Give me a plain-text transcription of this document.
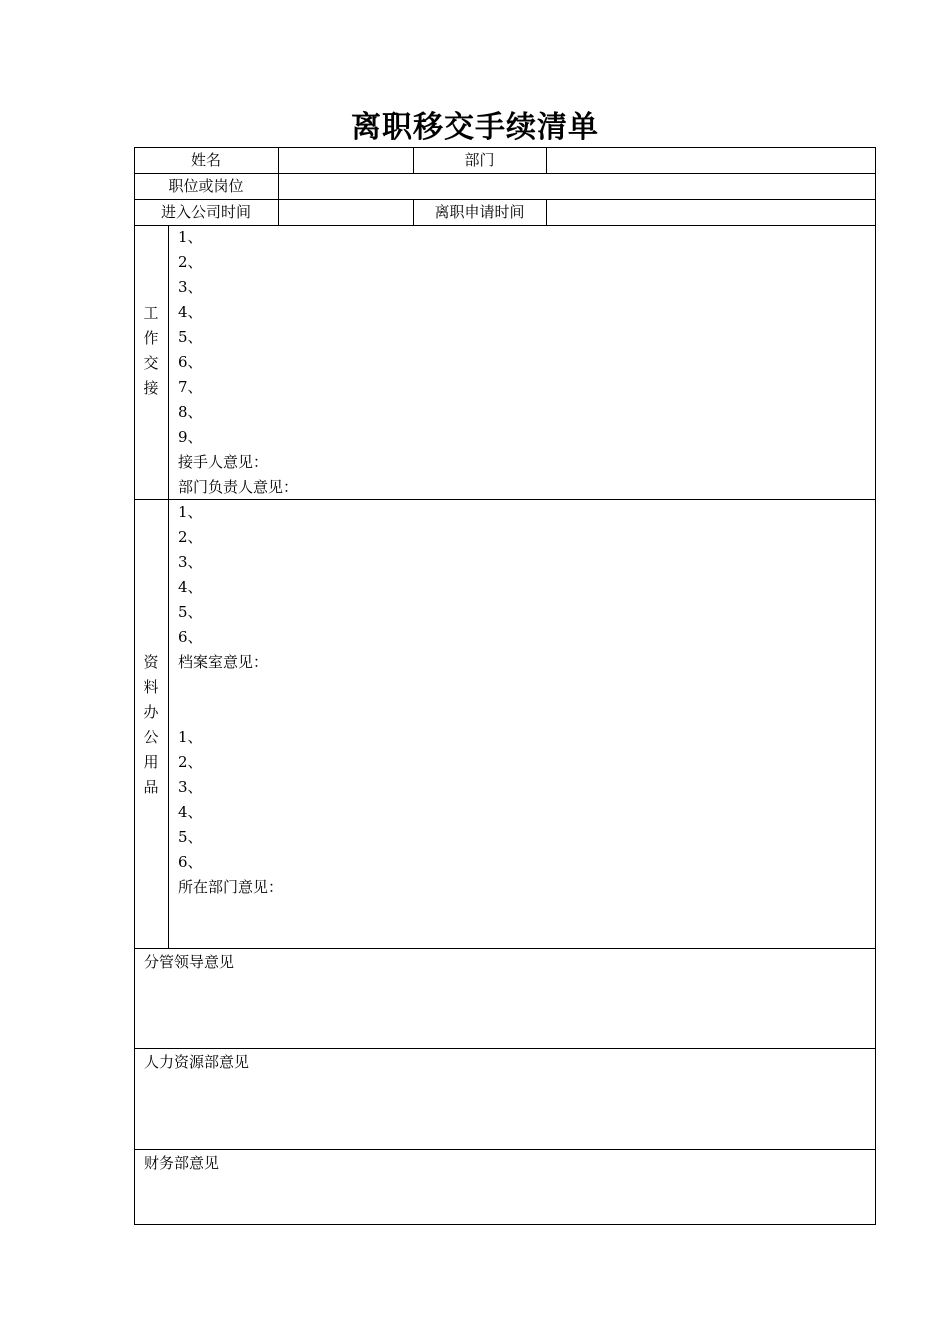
离职移交手续清单
姓名	部门
职位或岗位
进入公司时间	离职申请时间
工
作
交
接
1、
2、
3、
4、
5、
6、
7、
8、
9、
接手人意见：
部门负责人意见：
资
料
办
公
用
品
1、
2、
3、
4、
5、
6、
档案室意见：
1、
2、
3、
4、
5、
6、
所在部门意见：
分管领导意见
人力资源部意见
财务部意见
